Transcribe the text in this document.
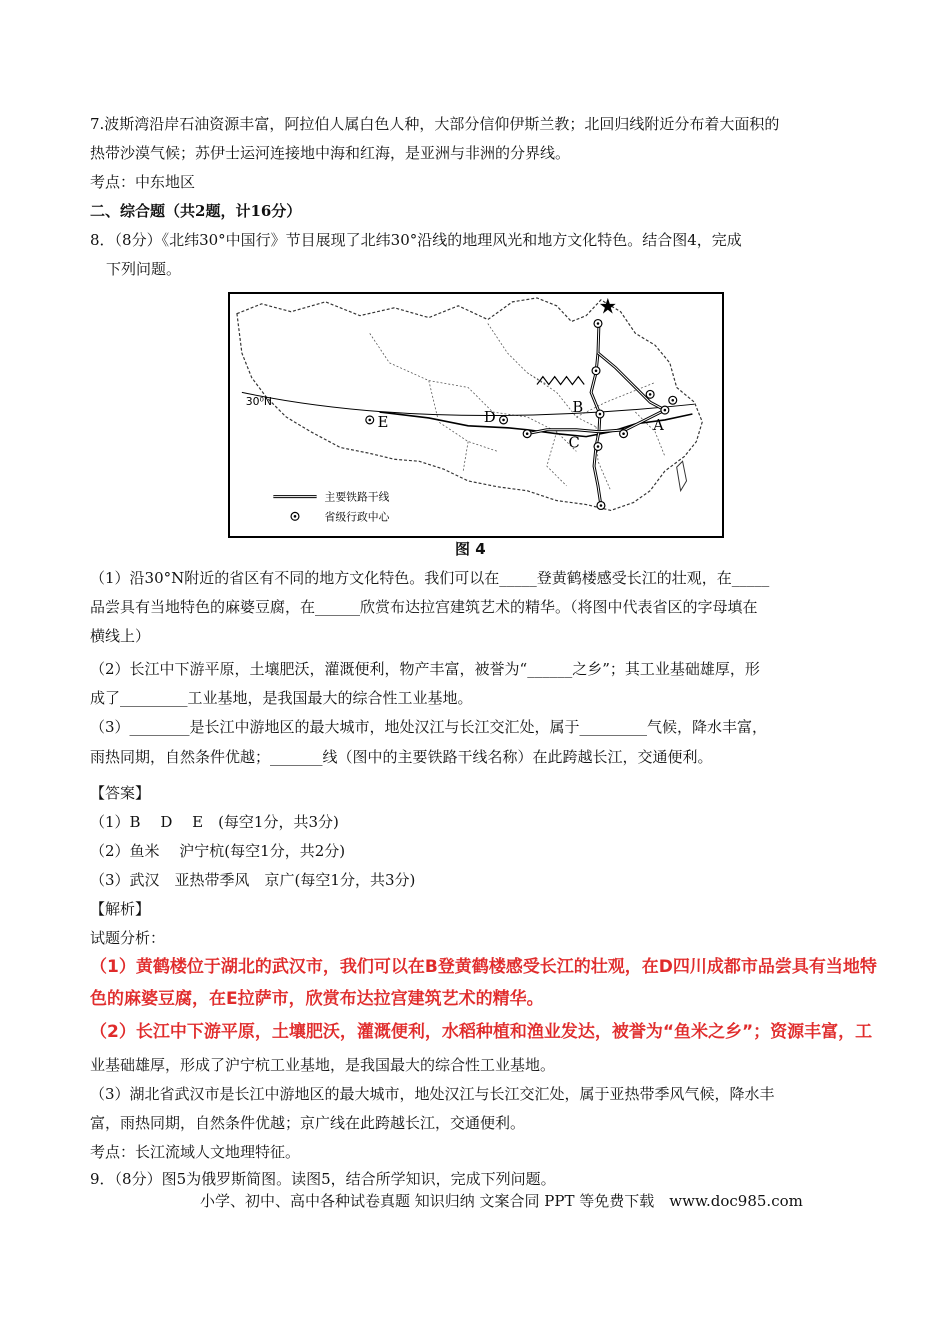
7.波斯湾沿岸石油资源丰富，阿拉伯人属白色人种，大部分信仰伊斯兰教；北回归线附近分布着大面积的
热带沙漠气候；苏伊士运河连接地中海和红海，是亚洲与非洲的分界线。
考点：中东地区
二、综合题（共2题，计16分）
8．（8分）《北纬30°中国行》节目展现了北纬30°沿线的地理风光和地方文化特色。结合图4，完成
下列问题。
30⁰N
E	D
B
C
A
主要铁路干线
省级行政中心
图 4
（1）沿30°N附近的省区有不同的地方文化特色。我们可以在_____登黄鹤楼感受长江的壮观，在_____
品尝具有当地特色的麻婆豆腐，在______欣赏布达拉宫建筑艺术的精华。（将图中代表省区的字母填在
横线上）
（2）长江中下游平原，土壤肥沃，灌溉便利，物产丰富，被誉为“______之乡”；其工业基础雄厚，形
成了_________工业基地，是我国最大的综合性工业基地。
（3）________是长江中游地区的最大城市，地处汉江与长江交汇处，属于_________气候，降水丰富，
雨热同期，自然条件优越；_______线（图中的主要铁路干线名称）在此跨越长江，交通便利。
【答案】
（1）B　 D　 E　(每空1分，共3分)
（2）鱼米　 沪宁杭(每空1分，共2分)
（3）武汉　亚热带季风　京广(每空1分，共3分)
【解析】
试题分析：
（1）黄鹤楼位于湖北的武汉市，我们可以在B登黄鹤楼感受长江的壮观，在D四川成都市品尝具有当地特
色的麻婆豆腐，在E拉萨市，欣赏布达拉宫建筑艺术的精华。
（2）长江中下游平原，土壤肥沃，灌溉便利，水稻种植和渔业发达，被誉为“鱼米之乡”；资源丰富，工
业基础雄厚，形成了沪宁杭工业基地，是我国最大的综合性工业基地。
（3）湖北省武汉市是长江中游地区的最大城市，地处汉江与长江交汇处，属于亚热带季风气候，降水丰
富，雨热同期，自然条件优越；京广线在此跨越长江，交通便利。
考点：长江流域人文地理特征。
9．（8分）图5为俄罗斯简图。读图5，结合所学知识，完成下列问题。
小学、初中、高中各种试卷真题 知识归纳 文案合同 PPT 等免费下载　www.doc985.com
